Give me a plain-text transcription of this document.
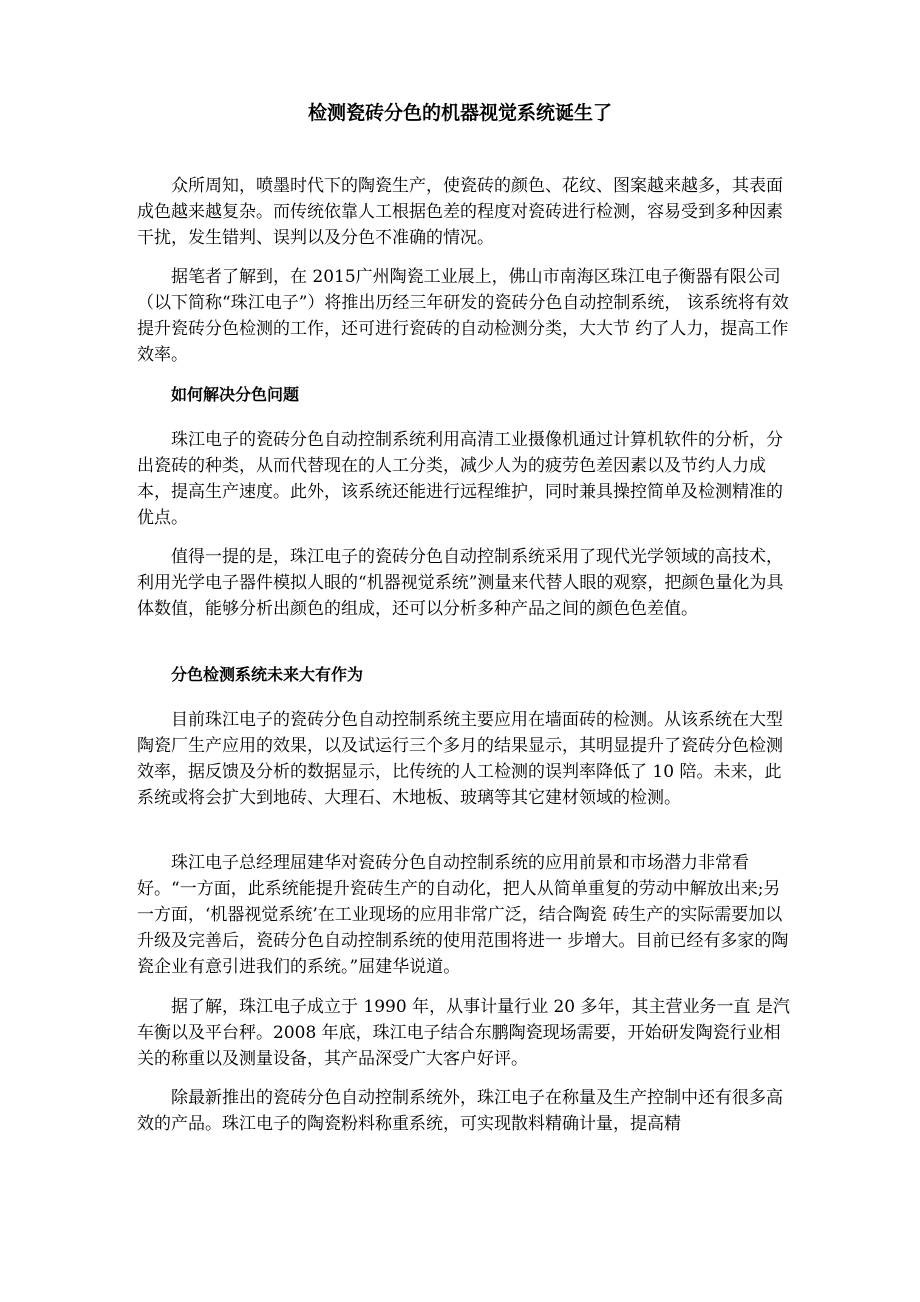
检测瓷砖分色的机器视觉系统诞生了

众所周知，喷墨时代下的陶瓷生产，使瓷砖的颜色、花纹、图案越来越多，其表面成色越来越复杂。而传统依靠人工根据色差的程度对瓷砖进行检测，容易受到多种因素干扰，发生错判、误判以及分色不准确的情况。

据笔者了解到，在 2015广州陶瓷工业展上，佛山市南海区珠江电子衡器有限公司（以下简称“珠江电子”）将推出历经三年研发的瓷砖分色自动控制系统， 该系统将有效提升瓷砖分色检测的工作，还可进行瓷砖的自动检测分类，大大节 约了人力，提高工作效率。

如何解决分色问题

珠江电子的瓷砖分色自动控制系统利用高清工业摄像机通过计算机软件的分析，分出瓷砖的种类，从而代替现在的人工分类，减少人为的疲劳色差因素以及节约人力成本，提高生产速度。此外，该系统还能进行远程维护，同时兼具操控简单及检测精准的优点。

值得一提的是，珠江电子的瓷砖分色自动控制系统采用了现代光学领域的高技术，利用光学电子器件模拟人眼的“机器视觉系统”测量来代替人眼的观察，把颜色量化为具体数值，能够分析出颜色的组成，还可以分析多种产品之间的颜色色差值。

分色检测系统未来大有作为

目前珠江电子的瓷砖分色自动控制系统主要应用在墙面砖的检测。从该系统在大型陶瓷厂生产应用的效果，以及试运行三个多月的结果显示，其明显提升了瓷砖分色检测效率，据反馈及分析的数据显示，比传统的人工检测的误判率降低了 10 陪。未来，此系统或将会扩大到地砖、大理石、木地板、玻璃等其它建材领域的检测。

珠江电子总经理屈建华对瓷砖分色自动控制系统的应用前景和市场潜力非常看好。“一方面，此系统能提升瓷砖生产的自动化，把人从简单重复的劳动中解放出来;另一方面，‘机器视觉系统’在工业现场的应用非常广泛，结合陶瓷 砖生产的实际需要加以升级及完善后，瓷砖分色自动控制系统的使用范围将进一 步增大。目前已经有多家的陶瓷企业有意引进我们的系统。”屈建华说道。

据了解，珠江电子成立于 1990 年，从事计量行业 20 多年，其主营业务一直 是汽车衡以及平台秤。2008 年底，珠江电子结合东鹏陶瓷现场需要，开始研发陶瓷行业相关的称重以及测量设备，其产品深受广大客户好评。

除最新推出的瓷砖分色自动控制系统外，珠江电子在称量及生产控制中还有很多高效的产品。珠江电子的陶瓷粉料称重系统，可实现散料精确计量，提高精
